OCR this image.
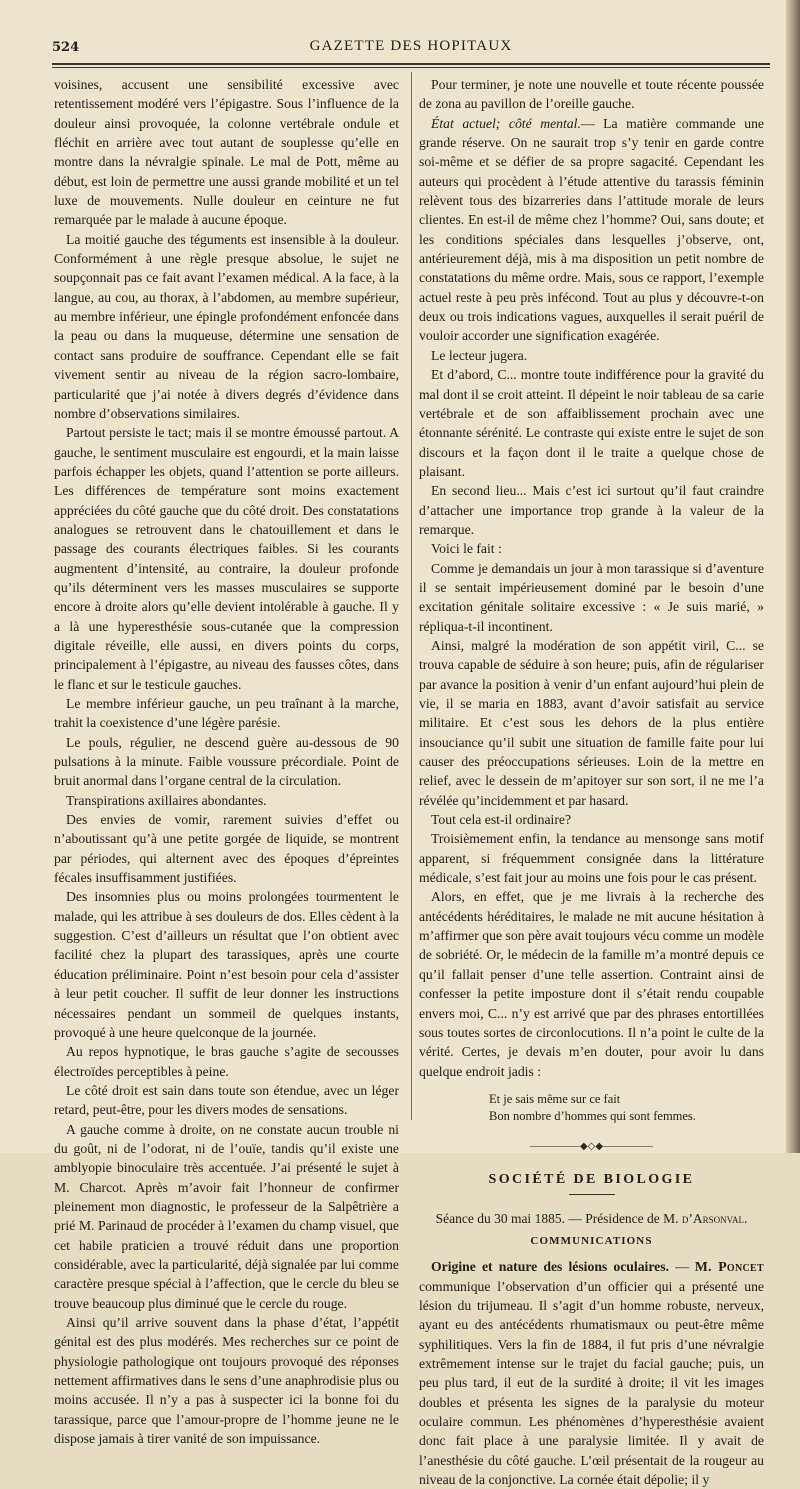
524	GAZETTE DES HOPITAUX

voisines, accusent une sensibilité excessive avec retentissement modéré vers l’épigastre. Sous l’influence de la douleur ainsi provoquée, la colonne vertébrale ondule et fléchit en arrière avec tout autant de souplesse qu’elle en montre dans la névralgie spinale. Le mal de Pott, même au début, est loin de permettre une aussi grande mobilité et un tel luxe de mouvements. Nulle douleur en ceinture ne fut remarquée par le malade à aucune époque.

La moitié gauche des téguments est insensible à la douleur. Conformément à une règle presque absolue, le sujet ne soupçonnait pas ce fait avant l’examen médical. A la face, à la langue, au cou, au thorax, à l’abdomen, au membre supérieur, au membre inférieur, une épingle profondément enfoncée dans la peau ou dans la muqueuse, détermine une sensation de contact sans produire de souffrance. Cependant elle se fait vivement sentir au niveau de la région sacro-lombaire, particularité que j’ai notée à divers degrés d’évidence dans nombre d’observations similaires.

Partout persiste le tact; mais il se montre émoussé partout. A gauche, le sentiment musculaire est engourdi, et la main laisse parfois échapper les objets, quand l’attention se porte ailleurs. Les différences de température sont moins exactement appréciées du côté gauche que du côté droit. Des constatations analogues se retrouvent dans le chatouillement et dans le passage des courants électriques faibles. Si les courants augmentent d’intensité, au contraire, la douleur profonde qu’ils déterminent vers les masses musculaires se supporte encore à droite alors qu’elle devient intolérable à gauche. Il y a là une hyperesthésie sous-cutanée que la compression digitale réveille, elle aussi, en divers points du corps, principalement à l’épigastre, au niveau des fausses côtes, dans le flanc et sur le testicule gauches.

Le membre inférieur gauche, un peu traînant à la marche, trahit la coexistence d’une légère parésie.

Le pouls, régulier, ne descend guère au-dessous de 90 pulsations à la minute. Faible voussure précordiale. Point de bruit anormal dans l’organe central de la circulation.

Transpirations axillaires abondantes.

Des envies de vomir, rarement suivies d’effet ou n’aboutissant qu’à une petite gorgée de liquide, se montrent par périodes, qui alternent avec des époques d’épreintes fécales insuffisamment justifiées.

Des insomnies plus ou moins prolongées tourmentent le malade, qui les attribue à ses douleurs de dos. Elles cèdent à la suggestion. C’est d’ailleurs un résultat que l’on obtient avec facilité chez la plupart des tarassiques, après une courte éducation préliminaire. Point n’est besoin pour cela d’assister à leur petit coucher. Il suffit de leur donner les instructions nécessaires pendant un sommeil de quelques instants, provoqué à une heure quelconque de la journée.

Au repos hypnotique, le bras gauche s’agite de secousses électroïdes perceptibles à peine.

Le côté droit est sain dans toute son étendue, avec un léger retard, peut-être, pour les divers modes de sensations.

A gauche comme à droite, on ne constate aucun trouble ni du goût, ni de l’odorat, ni de l’ouïe, tandis qu’il existe une amblyopie binoculaire très accentuée. J’ai présenté le sujet à M. Charcot. Après m’avoir fait l’honneur de confirmer pleinement mon diagnostic, le professeur de la Salpêtrière a prié M. Parinaud de procéder à l’examen du champ visuel, que cet habile praticien a trouvé réduit dans une proportion considérable, avec la particularité, déjà signalée par lui comme caractère presque spécial à l’affection, que le cercle du bleu se trouve beaucoup plus diminué que le cercle du rouge.

Ainsi qu’il arrive souvent dans la phase d’état, l’appétit génital est des plus modérés. Mes recherches sur ce point de physiologie pathologique ont toujours provoqué des réponses nettement affirmatives dans le sens d’une anaphrodisie plus ou moins accusée. Il n’y a pas à suspecter ici la bonne foi du tarassique, parce que l’amour-propre de l’homme jeune ne le dispose jamais à tirer vanité de son impuissance.

Pour terminer, je note une nouvelle et toute récente poussée de zona au pavillon de l’oreille gauche.

État actuel; côté mental.— La matière commande une grande réserve. On ne saurait trop s’y tenir en garde contre soi-même et se défier de sa propre sagacité. Cependant les auteurs qui procèdent à l’étude attentive du tarassis féminin relèvent tous des bizarreries dans l’attitude morale de leurs clientes. En est-il de même chez l’homme? Oui, sans doute; et les conditions spéciales dans lesquelles j’observe, ont, antérieurement déjà, mis à ma disposition un petit nombre de constatations du même ordre. Mais, sous ce rapport, l’exemple actuel reste à peu près infécond. Tout au plus y découvre-t-on deux ou trois indications vagues, auxquelles il serait puéril de vouloir accorder une signification exagérée.

Le lecteur jugera.

Et d’abord, C... montre toute indifférence pour la gravité du mal dont il se croit atteint. Il dépeint le noir tableau de sa carie vertébrale et de son affaiblissement prochain avec une étonnante sérénité. Le contraste qui existe entre le sujet de son discours et la façon dont il le traite a quelque chose de plaisant.

En second lieu... Mais c’est ici surtout qu’il faut craindre d’attacher une importance trop grande à la valeur de la remarque.

Voici le fait :

Comme je demandais un jour à mon tarassique si d’aventure il se sentait impérieusement dominé par le besoin d’une excitation génitale solitaire excessive : « Je suis marié, » répliqua-t-il incontinent.

Ainsi, malgré la modération de son appétit viril, C... se trouva capable de séduire à son heure; puis, afin de régulariser par avance la position à venir d’un enfant aujourd’hui plein de vie, il se maria en 1883, avant d’avoir satisfait au service militaire. Et c’est sous les dehors de la plus entière insouciance qu’il subit une situation de famille faite pour lui causer des préoccupations sérieuses. Loin de la mettre en relief, avec le dessein de m’apitoyer sur son sort, il ne me l’a révélée qu’incidemment et par hasard.

Tout cela est-il ordinaire?

Troisièmement enfin, la tendance au mensonge sans motif apparent, si fréquemment consignée dans la littérature médicale, s’est fait jour au moins une fois pour le cas présent.

Alors, en effet, que je me livrais à la recherche des antécédents héréditaires, le malade ne mit aucune hésitation à m’affirmer que son père avait toujours vécu comme un modèle de sobriété. Or, le médecin de la famille m’a montré depuis ce qu’il fallait penser d’une telle assertion. Contraint ainsi de confesser la petite imposture dont il s’était rendu coupable envers moi, C... n’y est arrivé que par des phrases entortillées sous toutes sortes de circonlocutions. Il n’a point le culte de la vérité. Certes, je devais m’en douter, pour avoir lu dans quelque endroit jadis :

Et je sais même sur ce fait
Bon nombre d’hommes qui sont femmes.

—————◆◇◆—————

SOCIÉTÉ DE BIOLOGIE

Séance du 30 mai 1885. — Présidence de M. d’Arsonval.

COMMUNICATIONS

Origine et nature des lésions oculaires. — M. Poncet communique l’observation d’un officier qui a présenté une lésion du trijumeau. Il s’agit d’un homme robuste, nerveux, ayant eu des antécédents rhumatismaux ou peut-être même syphilitiques. Vers la fin de 1884, il fut pris d’une névralgie extrêmement intense sur le trajet du facial gauche; puis, un peu plus tard, il eut de la surdité à droite; il vit les images doubles et présenta les signes de la paralysie du moteur oculaire commun. Les phénomènes d’hyperesthésie avaient donc fait place à une paralysie limitée. Il y avait de l’anesthésie du côté gauche. L’œil présentait de la rougeur au niveau de la conjonctive. La cornée était dépolie; il y
